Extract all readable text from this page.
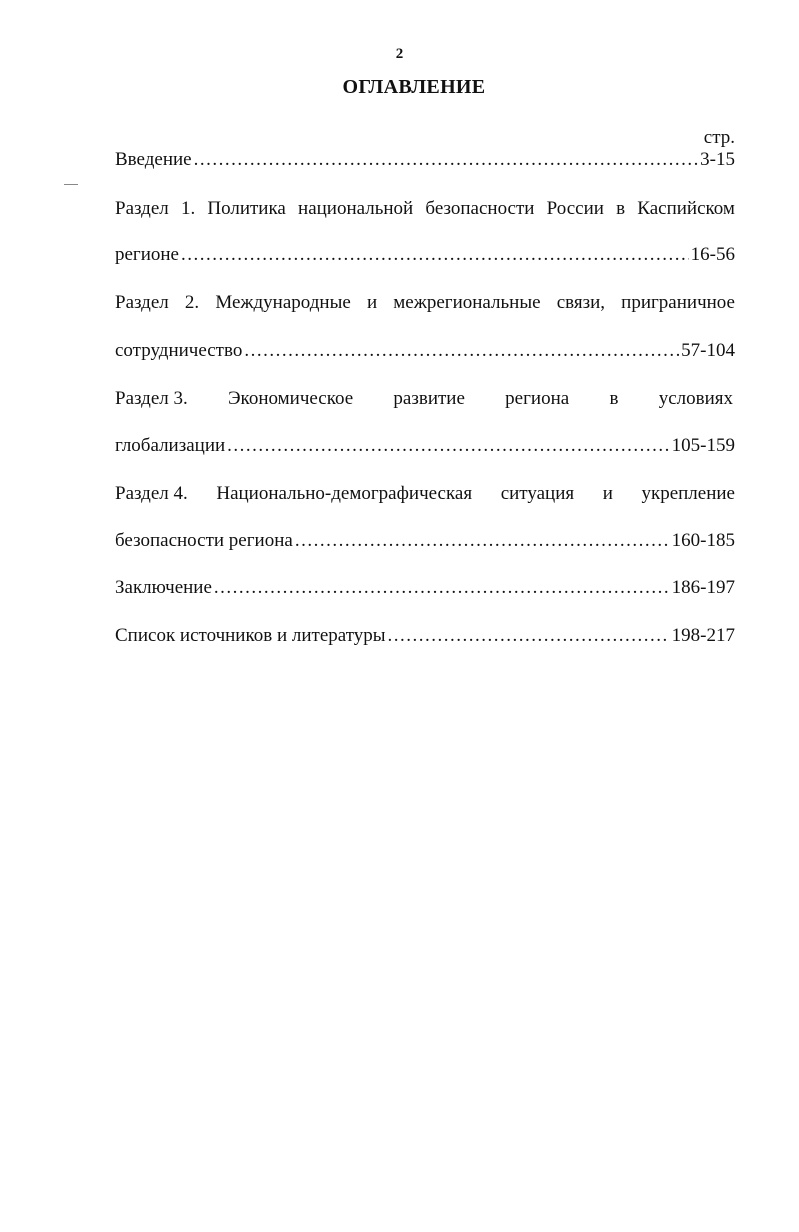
2
ОГЛАВЛЕНИЕ
стр.
Введение .....	3-15
Раздел 1. Политика национальной безопасности России в Каспийском
регионе .....	16-56
Раздел 2. Международные и межрегиональные связи, приграничное
сотрудничество .....	57-104
Раздел 3. Экономическое развитие региона в условиях
глобализации .....	105-159
Раздел 4. Национально-демографическая ситуация и укрепление
безопасности региона .....	160-185
Заключение .....	186-197
Список источников и литературы .....	198-217
